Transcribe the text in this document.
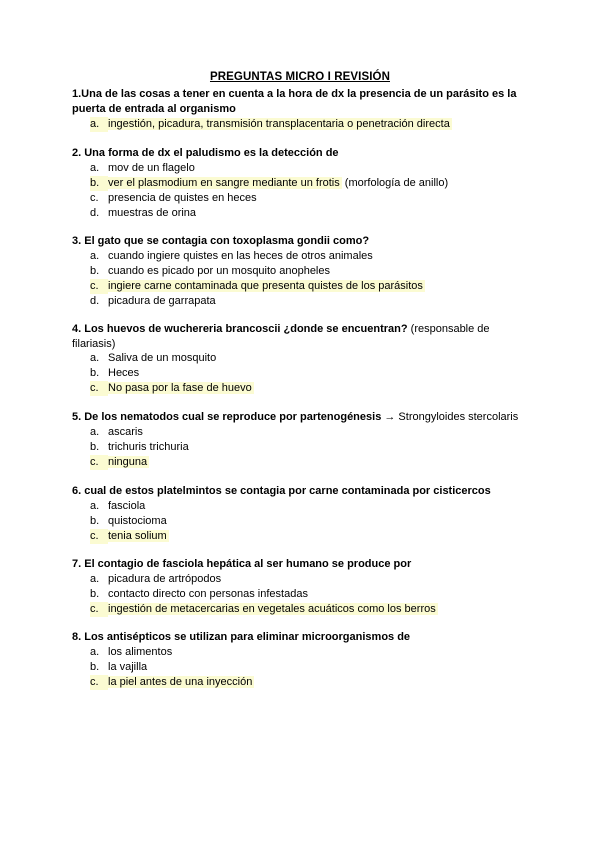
PREGUNTAS MICRO I REVISIÓN
1.Una de las cosas a tener en cuenta a la hora de dx la presencia de un parásito es la puerta de entrada al organismo
a. ingestión, picadura, transmisión transplacentaria o penetración directa
2. Una forma de dx el paludismo es la detección de
a. mov de un flagelo
b. ver el plasmodium en sangre mediante un frotis (morfología de anillo)
c. presencia de quistes en heces
d. muestras de orina
3. El gato que se contagia con toxoplasma gondii como?
a. cuando ingiere quistes en las heces de otros animales
b. cuando es picado por un mosquito anopheles
c. ingiere carne contaminada que presenta quistes de los parásitos
d. picadura de garrapata
4. Los huevos de wuchereria brancoscii ¿donde se encuentran? (responsable de filariasis)
a. Saliva de un mosquito
b. Heces
c. No pasa por la fase de huevo
5. De los nematodos cual se reproduce por partenogénesis → Strongyloides stercolaris
a. ascaris
b. trichuris trichuria
c. ninguna
6. cual de estos platelmintos se contagia por carne contaminada por cisticercos
a. fasciola
b. quistocioma
c. tenia solium
7. El contagio de fasciola hepática al ser humano se produce por
a. picadura de artrópodos
b. contacto directo con personas infestadas
c. ingestión de metacercarias en vegetales acuáticos como los berros
8. Los antisépticos se utilizan para eliminar microorganismos de
a. los alimentos
b. la vajilla
c. la piel antes de una inyección
